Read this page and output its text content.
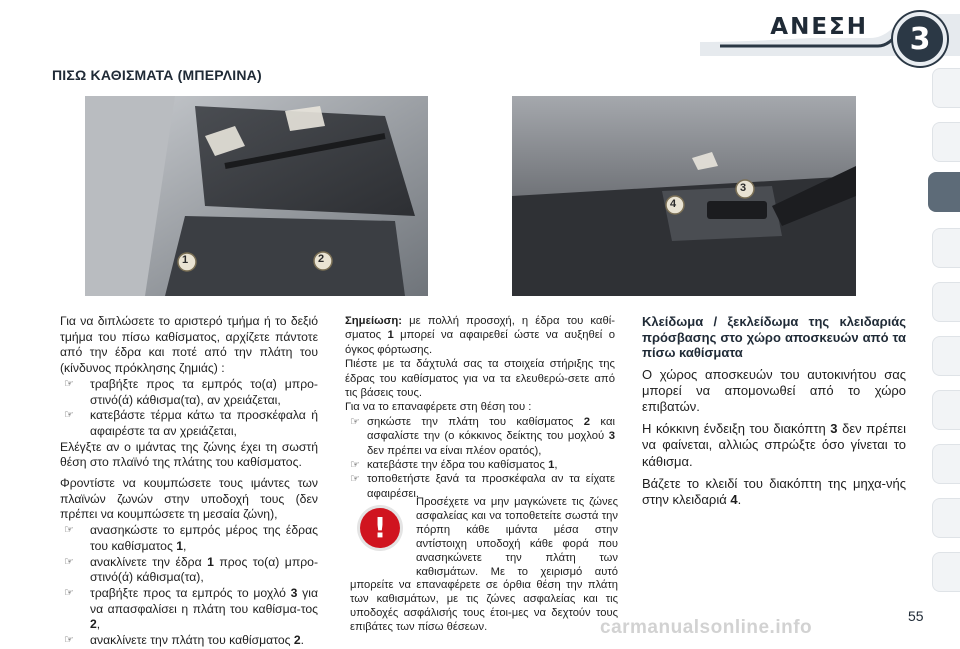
ΑΝΕΣΗ 3
ΠΙΣΩ ΚΑΘΙΣΜΑΤΑ (ΜΠΕΡΛΙΝΑ)
1	2
3
4

Για να διπλώσετε το αριστερό τμήμα ή το δεξιό τμήμα του πίσω καθίσματος, αρχίζετε πάντοτε από την έδρα και ποτέ από την πλάτη του (κίνδυνος πρόκλησης ζημιάς) :

☞ τραβήξτε προς τα εμπρός το(α) μπρο-στινό(ά) κάθισμα(τα), αν χρειάζεται,
☞ κατεβάστε τέρμα κάτω τα προσκέφαλα ή αφαιρέστε τα αν χρειάζεται,

Ελέγξτε αν ο ιμάντας της ζώνης έχει τη σωστή θέση στο πλαϊνό της πλάτης του καθίσματος.

Φροντίστε να κουμπώσετε τους ιμάντες των πλαϊνών ζωνών στην υποδοχή τους (δεν πρέπει να κουμπώσετε τη μεσαία ζώνη),

☞ ανασηκώστε το εμπρός μέρος της έδρας του καθίσματος 1,
☞ ανακλίνετε την έδρα 1 προς το(α) μπρο-στινό(ά) κάθισμα(τα),
☞ τραβήξτε προς τα εμπρός το μοχλό 3 για να απασφαλίσει η πλάτη του καθίσμα-τος 2,
☞ ανακλίνετε την πλάτη του καθίσματος 2.

Σημείωση: με πολλή προσοχή, η έδρα του καθί-σματος 1 μπορεί να αφαιρεθεί ώστε να αυξηθεί ο όγκος φόρτωσης.

Πιέστε με τα δάχτυλά σας τα στοιχεία στήριξης της έδρας του καθίσματος για να τα ελευθερώ-σετε από τις βάσεις τους.

Για να το επαναφέρετε στη θέση του :

☞ σηκώστε την πλάτη του καθίσματος 2 και ασφαλίστε την (ο κόκκινος δείκτης του μοχλού 3 δεν πρέπει να είναι πλέον ορατός),
☞ κατεβάστε την έδρα του καθίσματος 1,
☞ τοποθετήστε ξανά τα προσκέφαλα αν τα είχατε αφαιρέσει.
!
Προσέχετε να μην μαγκώνετε τις ζώνες ασφαλείας και να τοποθετείτε σωστά την πόρπη κάθε ιμάντα μέσα στην αντίστοιχη υποδοχή κάθε φορά που ανασηκώνετε την πλάτη των καθισμάτων. Με το χειρισμό αυτό μπορείτε να επαναφέρετε σε όρθια θέση την πλάτη των καθισμάτων, με τις ζώνες ασφαλείας και τις υποδοχές ασφάλισής τους έτοι-μες να δεχτούν τους επιβάτες των πίσω θέσεων.
Κλείδωμα / ξεκλείδωμα της κλειδαριάς πρόσβασης στο χώρο αποσκευών από τα πίσω καθίσματα

Ο χώρος αποσκευών του αυτοκινήτου σας μπορεί να απομονωθεί από το χώρο επιβατών.

Η κόκκινη ένδειξη του διακόπτη 3 δεν πρέπει να φαίνεται, αλλιώς σπρώξτε όσο γίνεται το κάθισμα.

Βάζετε το κλειδί του διακόπτη της μηχα-νής στην κλειδαριά 4.

carmanualsonline.info
55
